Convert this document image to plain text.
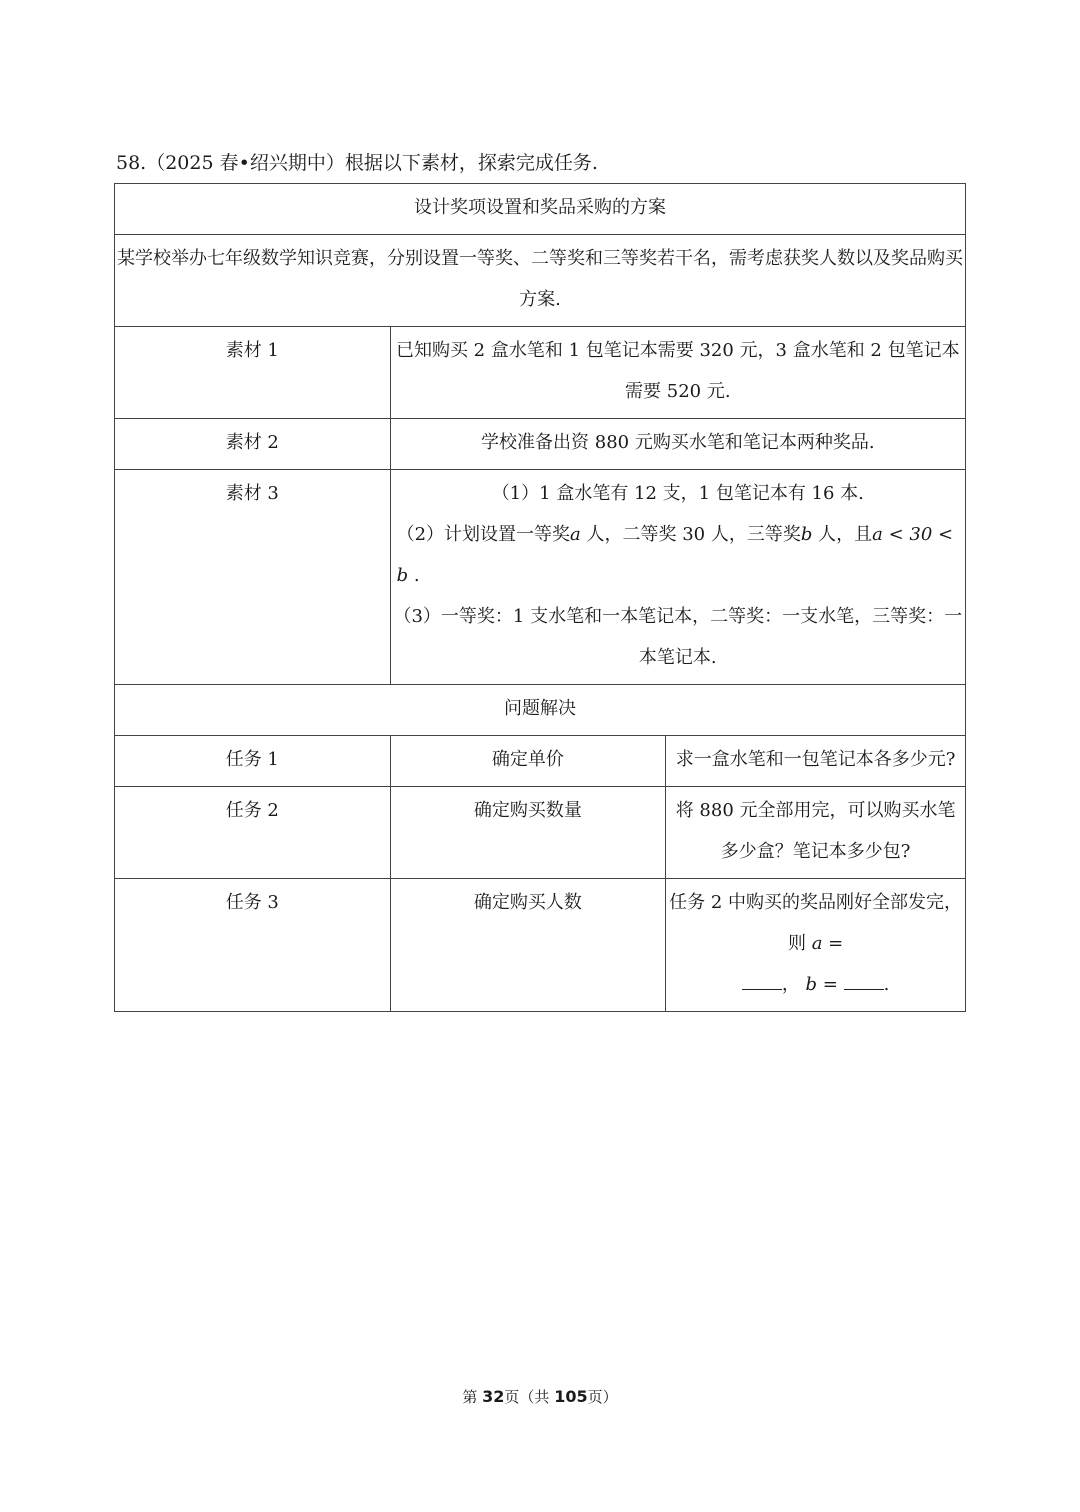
58.（2025 春•绍兴期中）根据以下素材，探索完成任务.
设计奖项设置和奖品采购的方案		
某学校举办七年级数学知识竞赛，分别设置一等奖、二等奖和三等奖若干名，需考虑获奖人数以及奖品购买方案.		
素材 1	已知购买 2 盒水笔和 1 包笔记本需要 320 元，3 盒水笔和 2 包笔记本需要 520 元.	
素材 2	学校准备出资 880 元购买水笔和笔记本两种奖品.	
素材 3	（1）1 盒水笔有 12 支，1 包笔记本有 16 本.
（2）计划设置一等奖a 人，二等奖 30 人，三等奖b 人，且a < 30 < b .
（3）一等奖：1 支水笔和一本笔记本，二等奖：一支水笔，三等奖：一本笔记本.	

问题解决		
任务 1	确定单价	求一盒水笔和一包笔记本各多少元?
任务 2	确定购买数量	将 880 元全部用完，可以购买水笔多少盒？笔记本多少包?
任务 3	确定购买人数	任务 2 中购买的奖品刚好全部发完，
则 a =
， b = .
第 32页（共 105页）
